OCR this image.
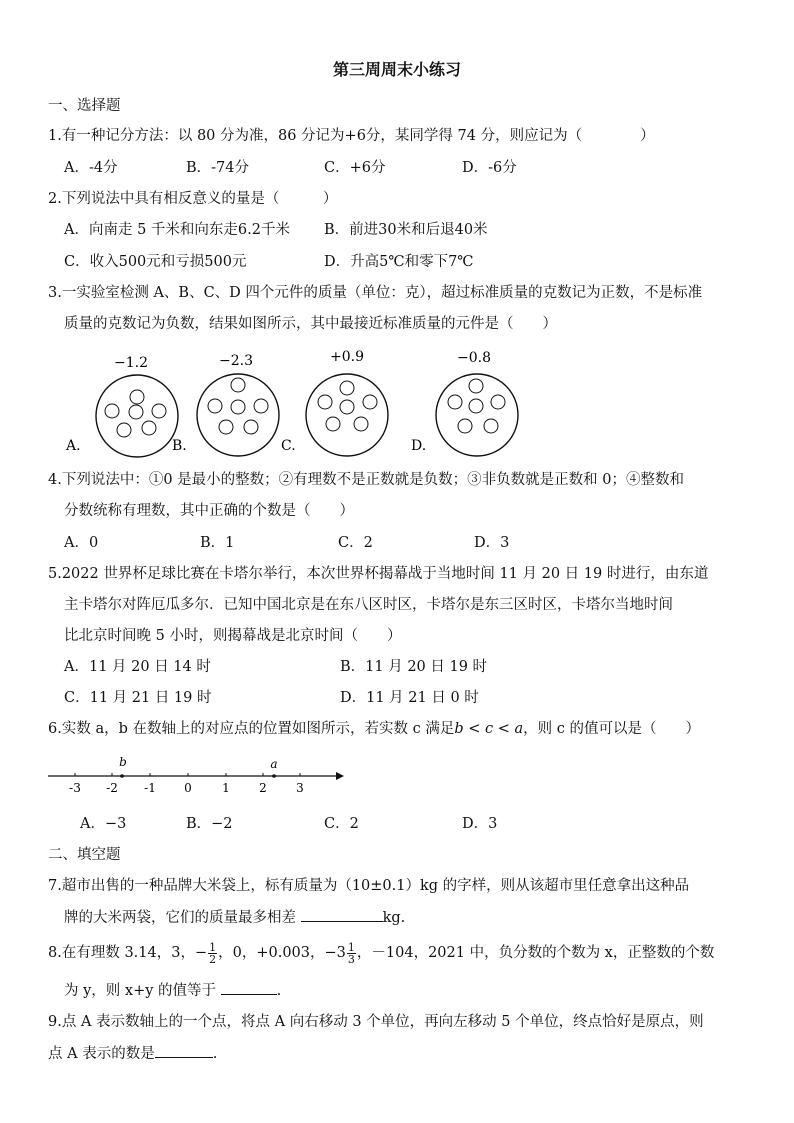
第三周周末小练习
一、选择题
1.有一种记分方法：以 80 分为准，86 分记为+6分，某同学得 74 分，则应记为（　　　　）
A．-4分	B．-74分	C．+6分	D．-6分
2.下列说法中具有相反意义的量是（　　　）
A．向南走 5 千米和向东走6.2千米 B．前进30米和后退40米
C．收入500元和亏损500元	D．升高5℃和零下7℃
3.一实验室检测 A、B、C、D 四个元件的质量（单位：克），超过标准质量的克数记为正数，不是标准
质量的克数记为负数，结果如图所示，其中最接近标准质量的元件是（　　）
−1.2
A.
−2.3
B.
+0.9
C.
−0.8
D.
4.下列说法中：①0 是最小的整数；②有理数不是正数就是负数；③非负数就是正数和 0；④整数和
分数统称有理数，其中正确的个数是（　　）
A．0	B．1	C．2	D．3
5.2022 世界杯足球比赛在卡塔尔举行，本次世界杯揭幕战于当地时间 11 月 20 日 19 时进行，由东道
主卡塔尔对阵厄瓜多尔．已知中国北京是在东八区时区，卡塔尔是东三区时区，卡塔尔当地时间
比北京时间晚 5 小时，则揭幕战是北京时间（　　）
A．11 月 20 日 14 时	B．11 月 20 日 19 时
C．11 月 21 日 19 时	D．11 月 21 日 0 时
6.实数 a，b 在数轴上的对应点的位置如图所示，若实数 c 满足b < c < a，则 c 的值可以是（　　）
-3 -2 -1 0	1 2 3
b	a
A．−3	B．−2	C．2	D．3
二、填空题
7.超市出售的一种品牌大米袋上，标有质量为（10±0.1）kg 的字样，则从该超市里任意拿出这种品
牌的大米两袋，它们的质量最多相差	kg.
8.在有理数 3.14，3，− $\frac{1}{2}$ ，0，+0.003，$-3 \frac{1}{3}$ ，－104，2021 中，负分数的个数为 x，正整数的个数
为 y，则 x+y 的值等于	.
9.点 A 表示数轴上的一个点，将点 A 向右移动 3 个单位，再向左移动 5 个单位，终点恰好是原点，则
点 A 表示的数是	.
